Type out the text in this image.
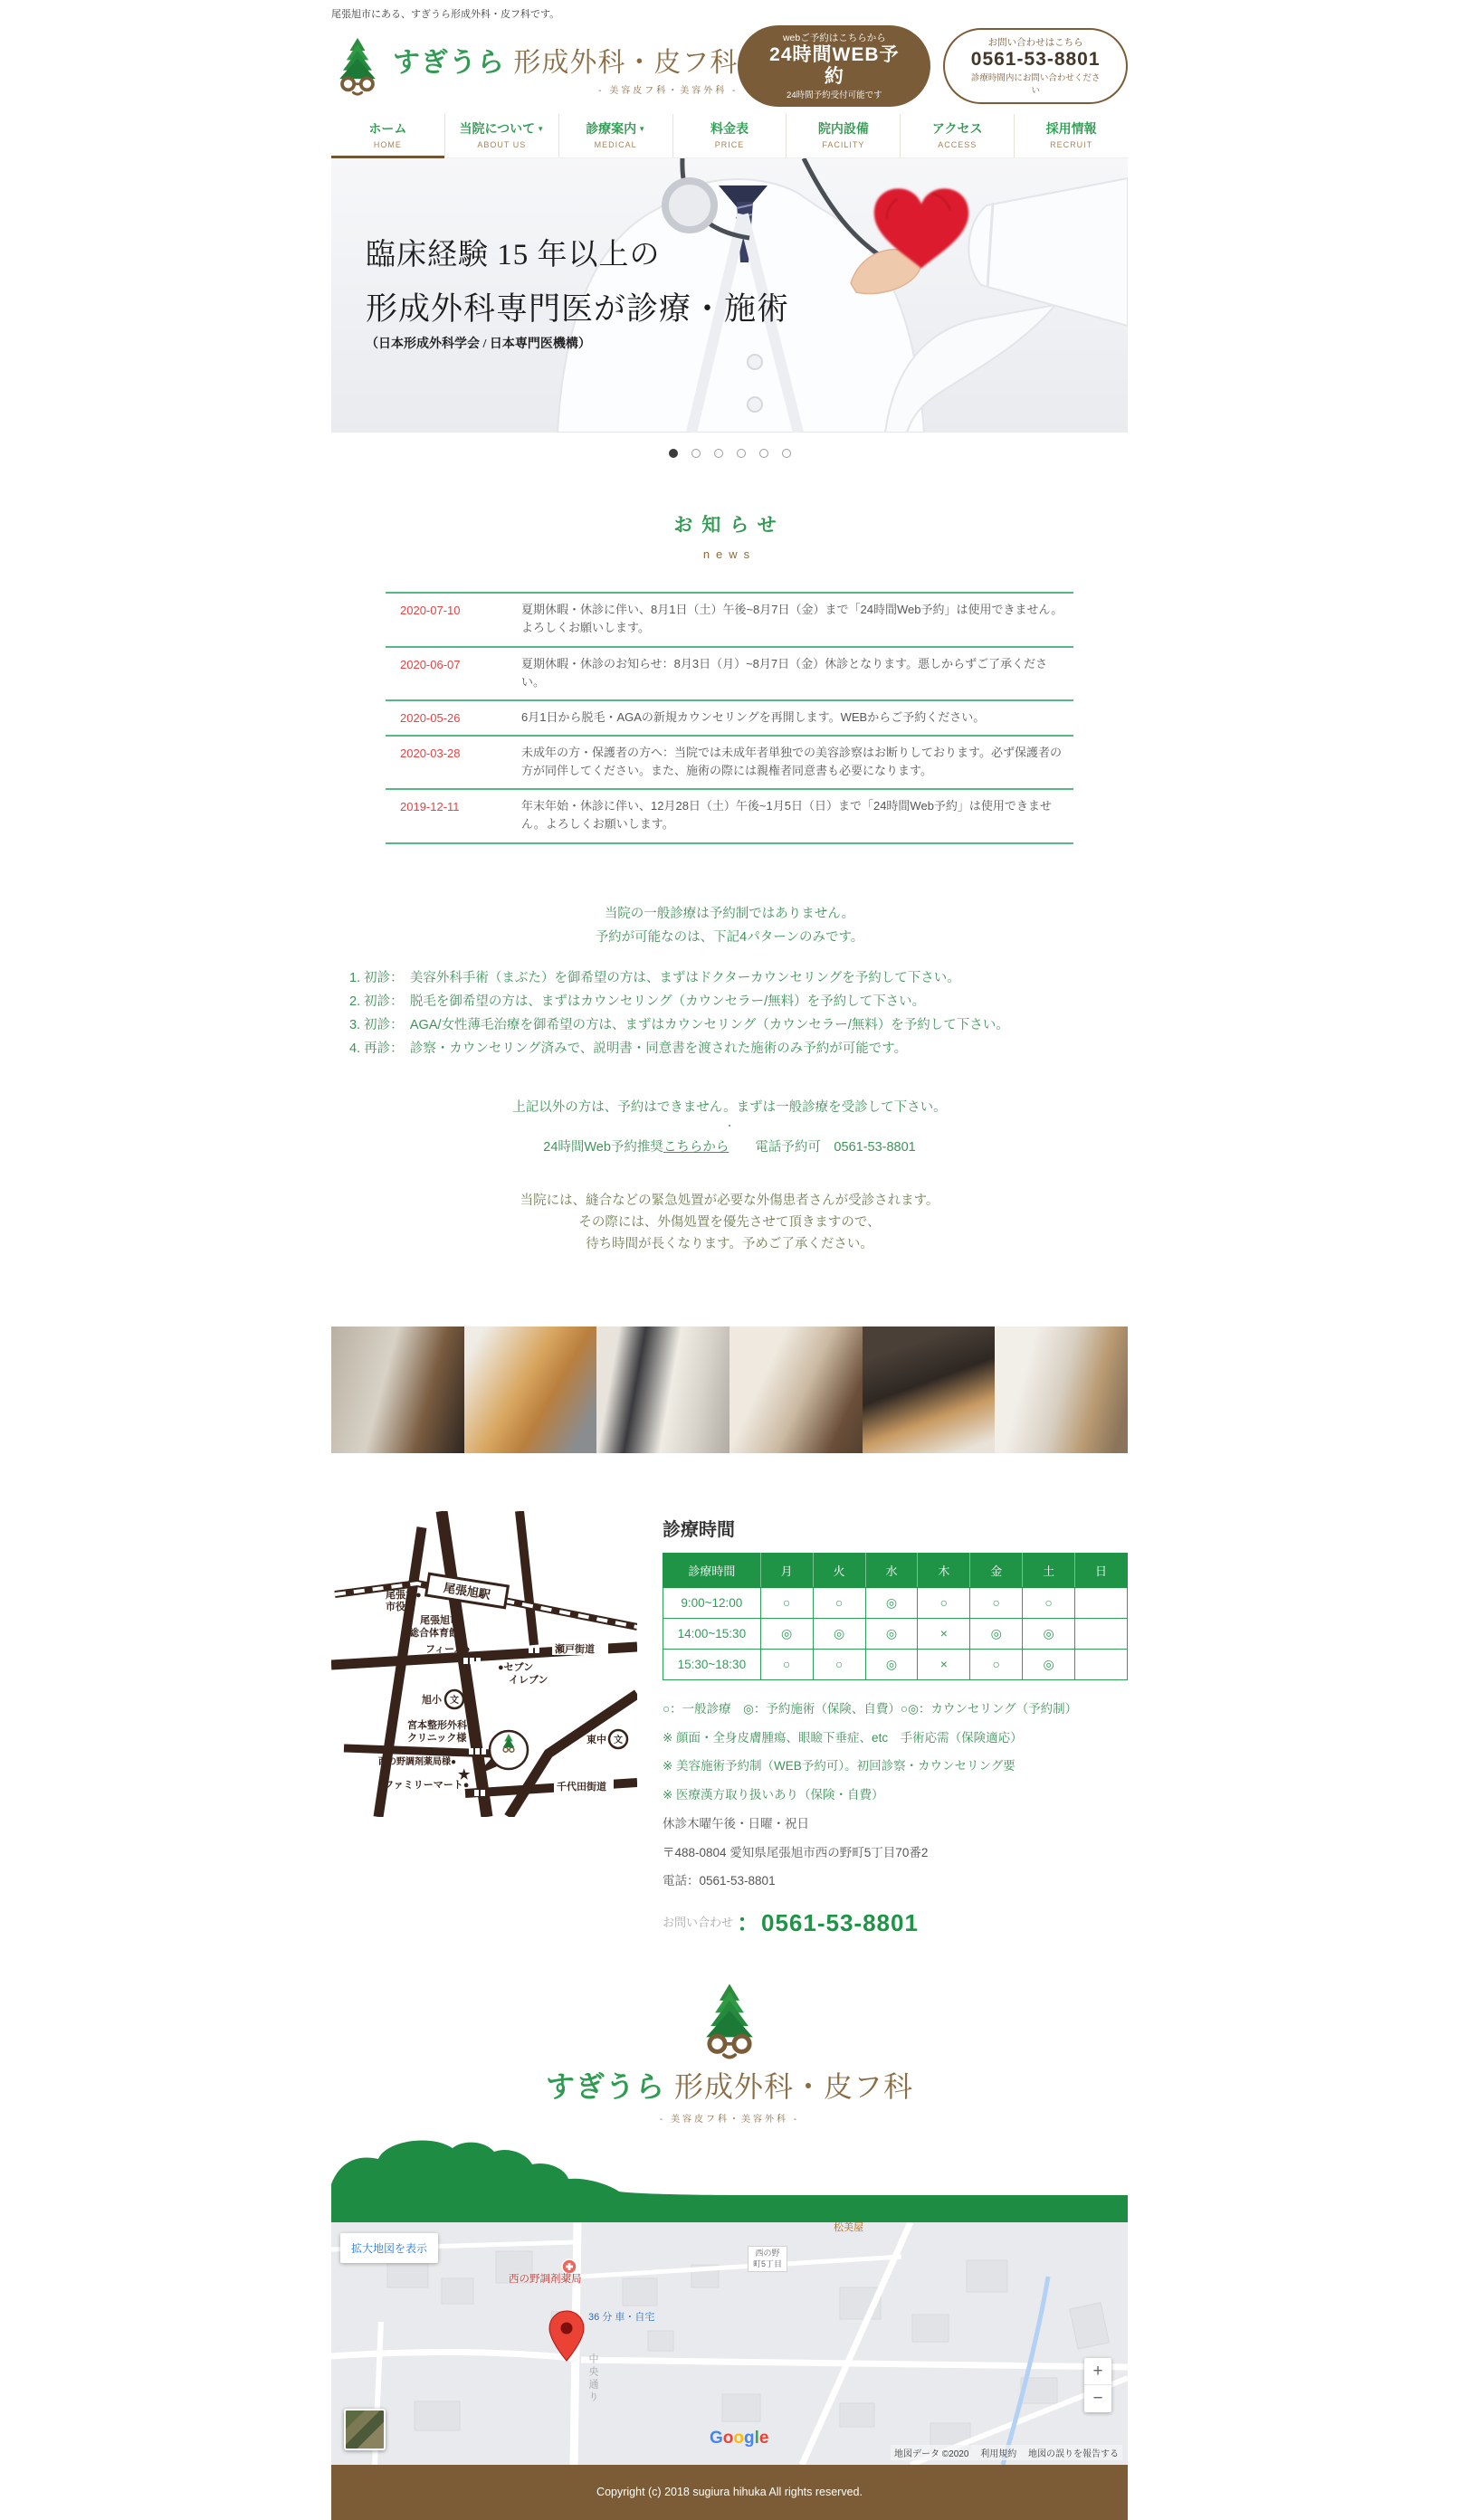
尾張旭市にある、すぎうら形成外科・皮フ科です。
すぎうら 形成外科・皮フ科
- 美容皮フ科・美容外科 -
webご予約はこちらから
24時間WEB予約
24時間予約受付可能です
お問い合わせはこちら
0561-53-8801
診療時間内にお問い合わせください
ホーム
HOME
当院について ▼
ABOUT US
診療案内 ▼
MEDICAL
料金表
PRICE
院内設備
FACILITY
アクセス
ACCESS
採用情報
RECRUIT
臨床経験 15 年以上の
形成外科専門医が診療・施術
（日本形成外科学会 / 日本専門医機構）
お知らせ
news
2020-07-10	夏期休暇・休診に伴い、8月1日（土）午後~8月7日（金）まで「24時間Web予約」は使用できません。よろしくお願いします。
2020-06-07	夏期休暇・休診のお知らせ：8月3日（月）~8月7日（金）休診となります。悪しからずご了承ください。
2020-05-26	6月1日から脱毛・AGAの新規カウンセリングを再開します。WEBからご予約ください。
2020-03-28	未成年の方・保護者の方へ：当院では未成年者単独での美容診察はお断りしております。必ず保護者の方が同伴してください。また、施術の際には親権者同意書も必要になります。
2019-12-11	年末年始・休診に伴い、12月28日（土）午後~1月5日（日）まで「24時間Web予約」は使用できません。よろしくお願いします。
当院の一般診療は予約制ではありません。
予約が可能なのは、下記4パターンのみです。
1. 初診：　美容外科手術（まぶた）を御希望の方は、まずはドクターカウンセリングを予約して下さい。
2. 初診：　脱毛を御希望の方は、まずはカウンセリング（カウンセラー/無料）を予約して下さい。
3. 初診：　AGA/女性薄毛治療を御希望の方は、まずはカウンセリング（カウンセラー/無料）を予約して下さい。
4. 再診：　診察・カウンセリング済みで、説明書・同意書を渡された施術のみ予約が可能です。
上記以外の方は、予約はできません。まずは一般診療を受診して下さい。
・
24時間Web予約推奨こちらから　　電話予約可　0561-53-8801
当院には、縫合などの緊急処置が必要な外傷患者さんが受診されます。
その際には、外傷処置を優先させて頂きますので、
待ち時間が長くなります。予めご了承ください。
尾張旭駅
尾張旭●
市役所
尾張旭市
総合体育館●
フィール●	瀬戸街道
●セブン
イレブン
旭小 文
宮本整形外科●
クリニック様	東中 文
西の野調剤薬局様●
★
ファミリーマート●	千代田街道
診療時間
診療時間	月	火	水	木	金	土	日
9:00~12:00	○	○	◎	○	○	○	
14:00~15:30	◎	◎	◎	×	◎	◎	
15:30~18:30	○	○	◎	×	○	◎	
○：一般診療　◎：予約施術（保険、自費）○◎：カウンセリング（予約制）
※ 顔面・全身皮膚腫瘍、眼瞼下垂症、etc　手術応需（保険適応）
※ 美容施術予約制（WEB予約可）。初回診察・カウンセリング要
※ 医療漢方取り扱いあり（保険・自費）
休診木曜午後・日曜・祝日
〒488-0804 愛知県尾張旭市西の野町5丁目70番2
電話：0561-53-8801
お問い合わせ ：0561-53-8801
すぎうら 形成外科・皮フ科
- 美容皮フ科・美容外科 -
拡大地図を表示
松美屋
西の野
町5丁目
西の野調剤薬局
36 分 車・自宅
中央通り
Google
地図データ ©2020 利用規約 地図の誤りを報告する
+
−
Copyright (c) 2018 sugiura hihuka All rights reserved.
